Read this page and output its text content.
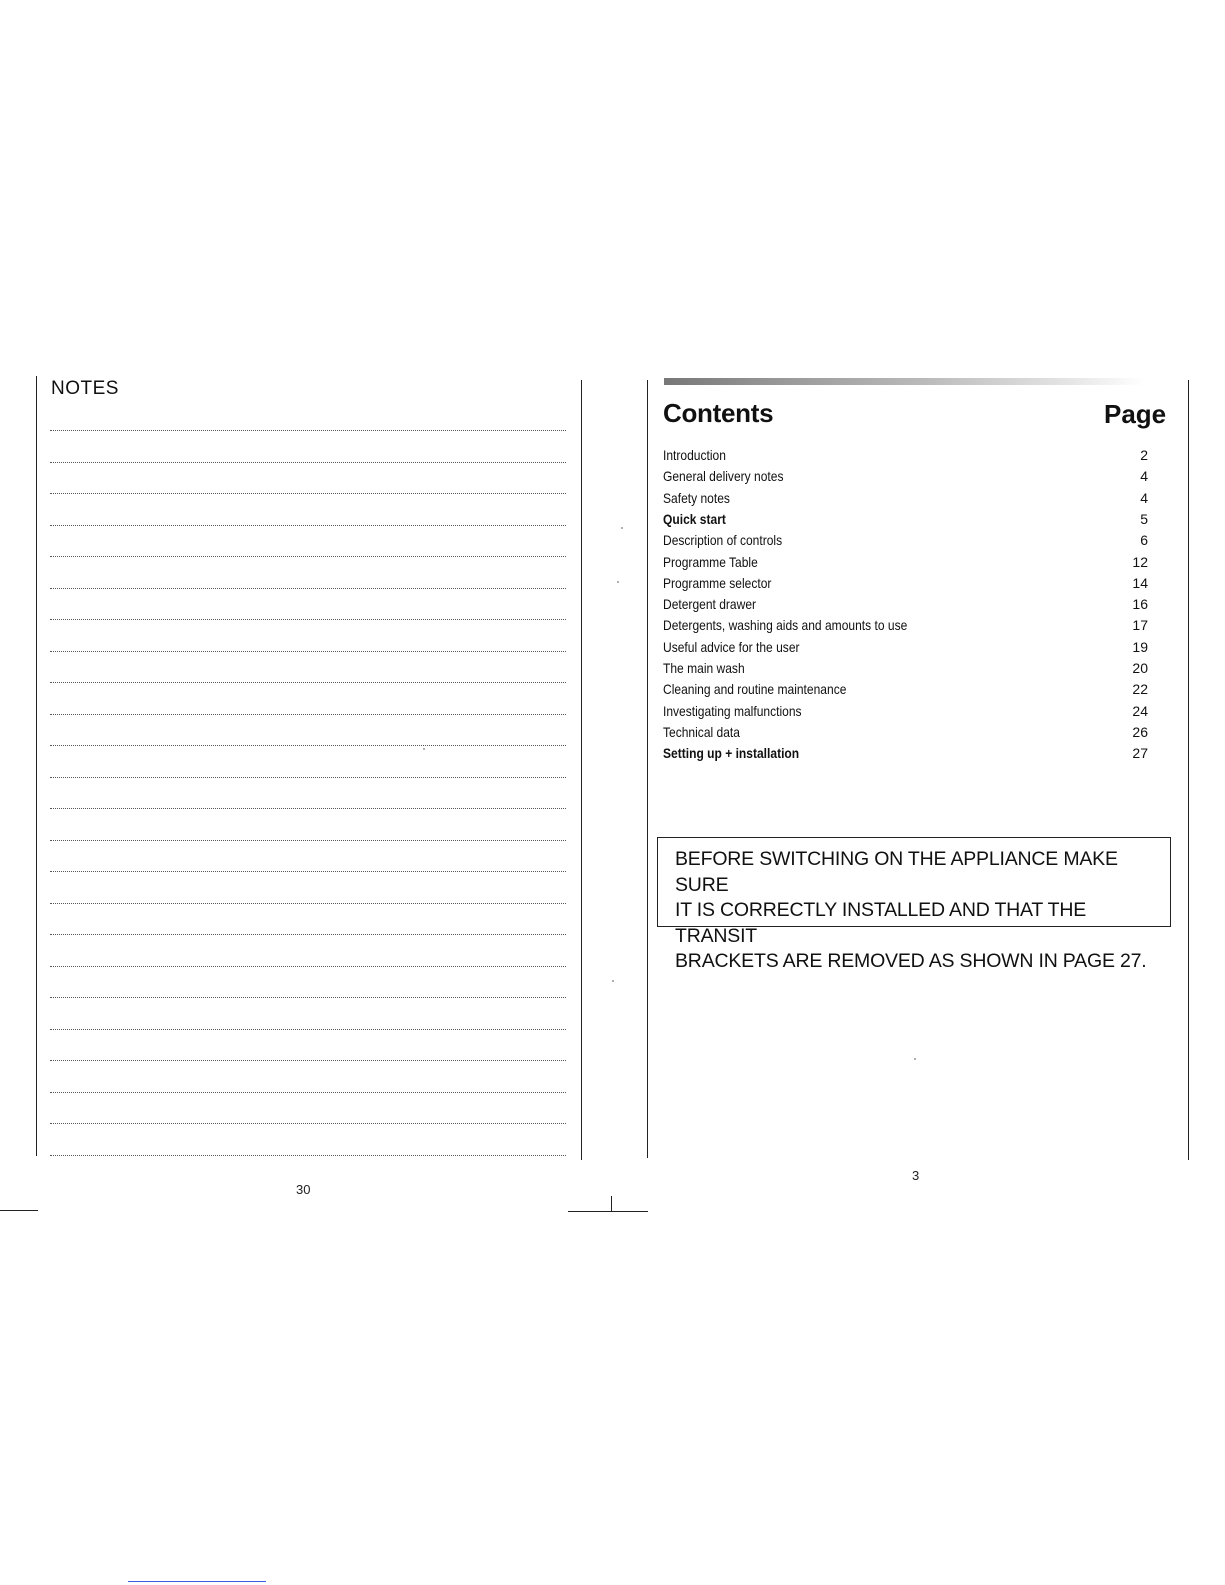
NOTES
30
Contents	Page
Introduction	2
General delivery notes	4
Safety notes	4
Quick start	5
Description of controls	6
Programme Table	12
Programme selector	14
Detergent drawer	16
Detergents, washing aids and amounts to use	17
Useful advice for the user	19
The main wash	20
Cleaning and routine maintenance	22
Investigating malfunctions	24
Technical data	26
Setting up + installation	27
BEFORE SWITCHING ON THE APPLIANCE MAKE SURE
IT IS CORRECTLY INSTALLED AND THAT THE TRANSIT
BRACKETS ARE REMOVED AS SHOWN IN PAGE 27.
3
